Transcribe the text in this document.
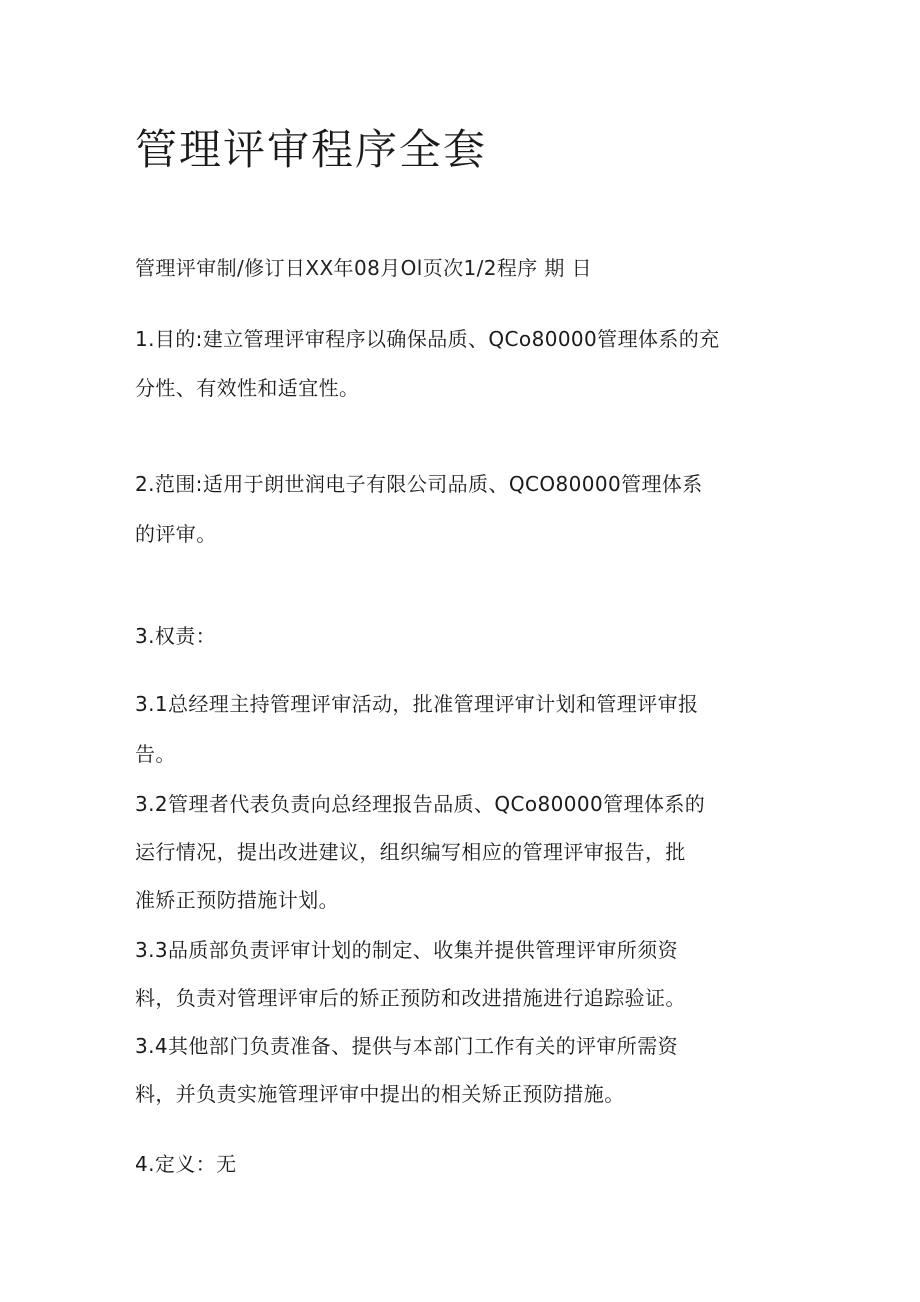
管理评审程序全套

管理评审制/修订日XX年08月Ol页次1/2程序 期 日

1.目的:建立管理评审程序以确保品质、QCo80000管理体系的充

分性、有效性和适宜性。

2.范围:适用于朗世润电子有限公司品质、QCO80000管理体系

的评审。

3.权责：

3.1总经理主持管理评审活动，批准管理评审计划和管理评审报

告。

3.2管理者代表负责向总经理报告品质、QCo80000管理体系的

运行情况，提出改进建议，组织编写相应的管理评审报告，批

准矫正预防措施计划。

3.3品质部负责评审计划的制定、收集并提供管理评审所须资

料，负责对管理评审后的矫正预防和改进措施进行追踪验证。

3.4其他部门负责准备、提供与本部门工作有关的评审所需资

料，并负责实施管理评审中提出的相关矫正预防措施。

4.定义：无
